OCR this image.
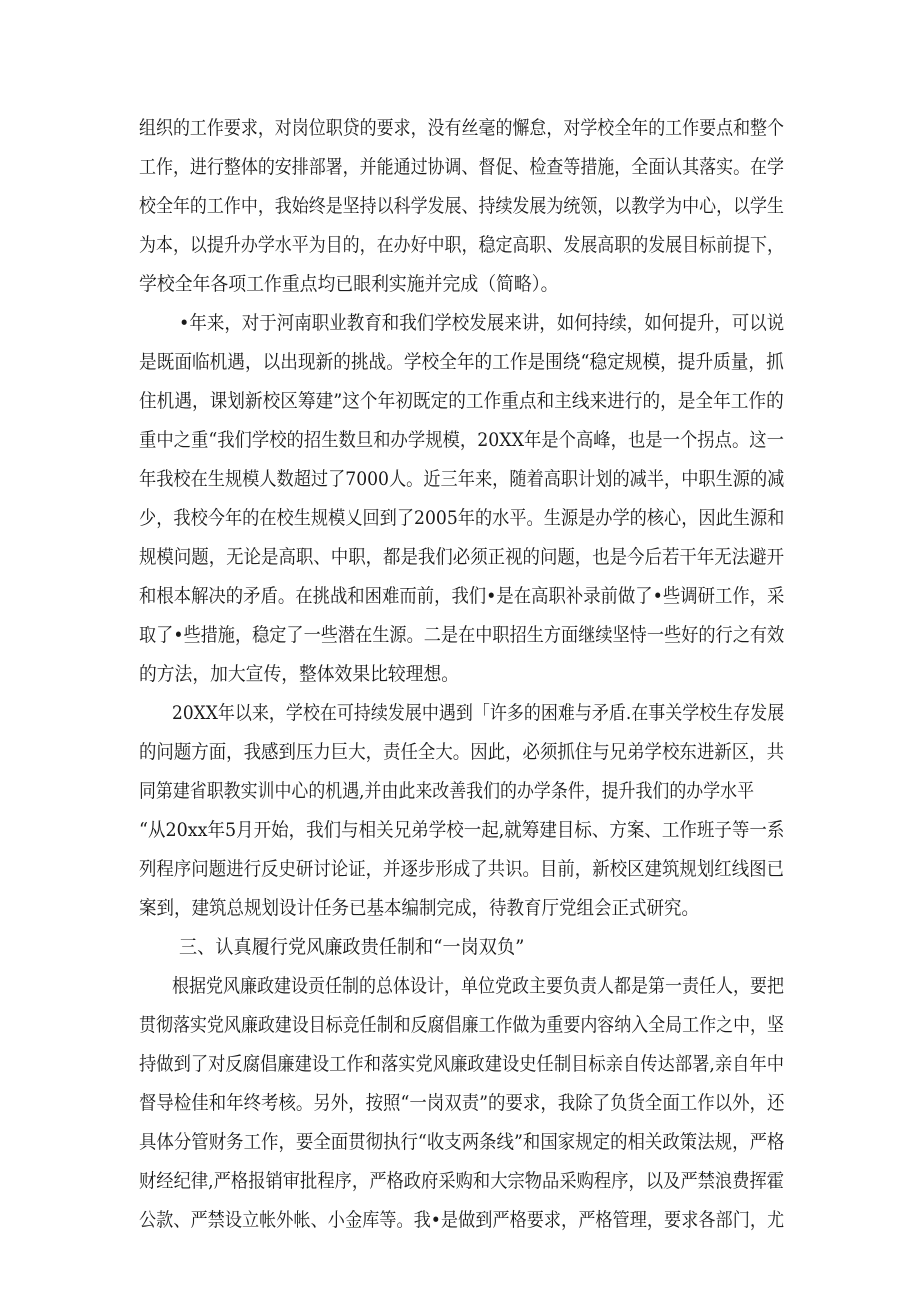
组织的工作要求，对岗位职贷的要求，没有丝毫的懈怠，对学校全年的工作要点和整个
工作，进行整体的安排部署，并能通过协调、督促、检查等措施，全面认其落实。在学
校全年的工作中，我始终是坚持以科学发展、持续发展为统领，以教学为中心，以学生
为本，以提升办学水平为目的，在办好中职，稳定高职、发展高职的发展目标前提下，
学校全年各项工作重点均已眼利实施并完成（简略）。
•年来，对于河南职业教育和我们学校发展来讲，如何持续，如何提升，可以说
是既面临机遇，以出现新的挑战。学校全年的工作是围绕“稳定规模，提升质量，抓
住机遇，课划新校区筹建”这个年初既定的工作重点和主线来进行的，是全年工作的
重中之重“我们学校的招生数旦和办学规模，20XX年是个高峰，也是一个拐点。这一
年我校在生规模人数超过了7000人。近三年来，随着高职计划的减半，中职生源的减
少，我校今年的在校生规模乂回到了2005年的水平。生源是办学的核心，因此生源和
规模问题，无论是高职、中职，都是我们必须正视的问题，也是今后若干年无法避开
和根本解决的矛盾。在挑战和困难而前，我们•是在高职补录前做了•些调研工作，采
取了•些措施，稳定了一些潜在生源。二是在中职招生方面继续坚恃一些好的行之有效
的方法，加大宣传，整体效果比较理想。
20XX年以来，学校在可持续发展中遇到「许多的困难与矛盾.在事关学校生存发展
的问题方面，我感到压力巨大，责任全大。因此，必须抓住与兄弟学校东进新区，共
同第建省职教实训中心的机遇,并由此来改善我们的办学条件，提升我们的办学水平
“从20xx年5月开始，我们与相关兄弟学校一起,就筹建目标、方案、工作班子等一系
列程序问题进行反史研讨论证，并逐步形成了共识。目前，新校区建筑规划红线图已
案到，建筑总规划设计任务已基本编制完成，待教育厅党组会正式研究。
三、认真履行党风廉政贵任制和“一岗双负”
根据党风廉政建设贡任制的总体设计，单位党政主要负责人都是第一责任人，要把
贯彻落实党风廉政建设目标竞任制和反腐倡廉工作做为重要内容纳入全局工作之中，坚
持做到了对反腐倡廉建设工作和落实党风廉政建设史任制目标亲自传达部署,亲自年中
督导检佳和年终考核。另外，按照“一岗双责”的要求，我除了负货全面工作以外，还
具体分管财务工作，要全面贯彻执行“收支两条线”和国家规定的相关政策法规，严格
财经纪律,严格报销审批程序，严格政府采购和大宗物品采购程序，以及严禁浪费挥霍
公款、严禁设立帐外帐、小金库等。我•是做到严格要求，严格管理，要求各部门，尤
